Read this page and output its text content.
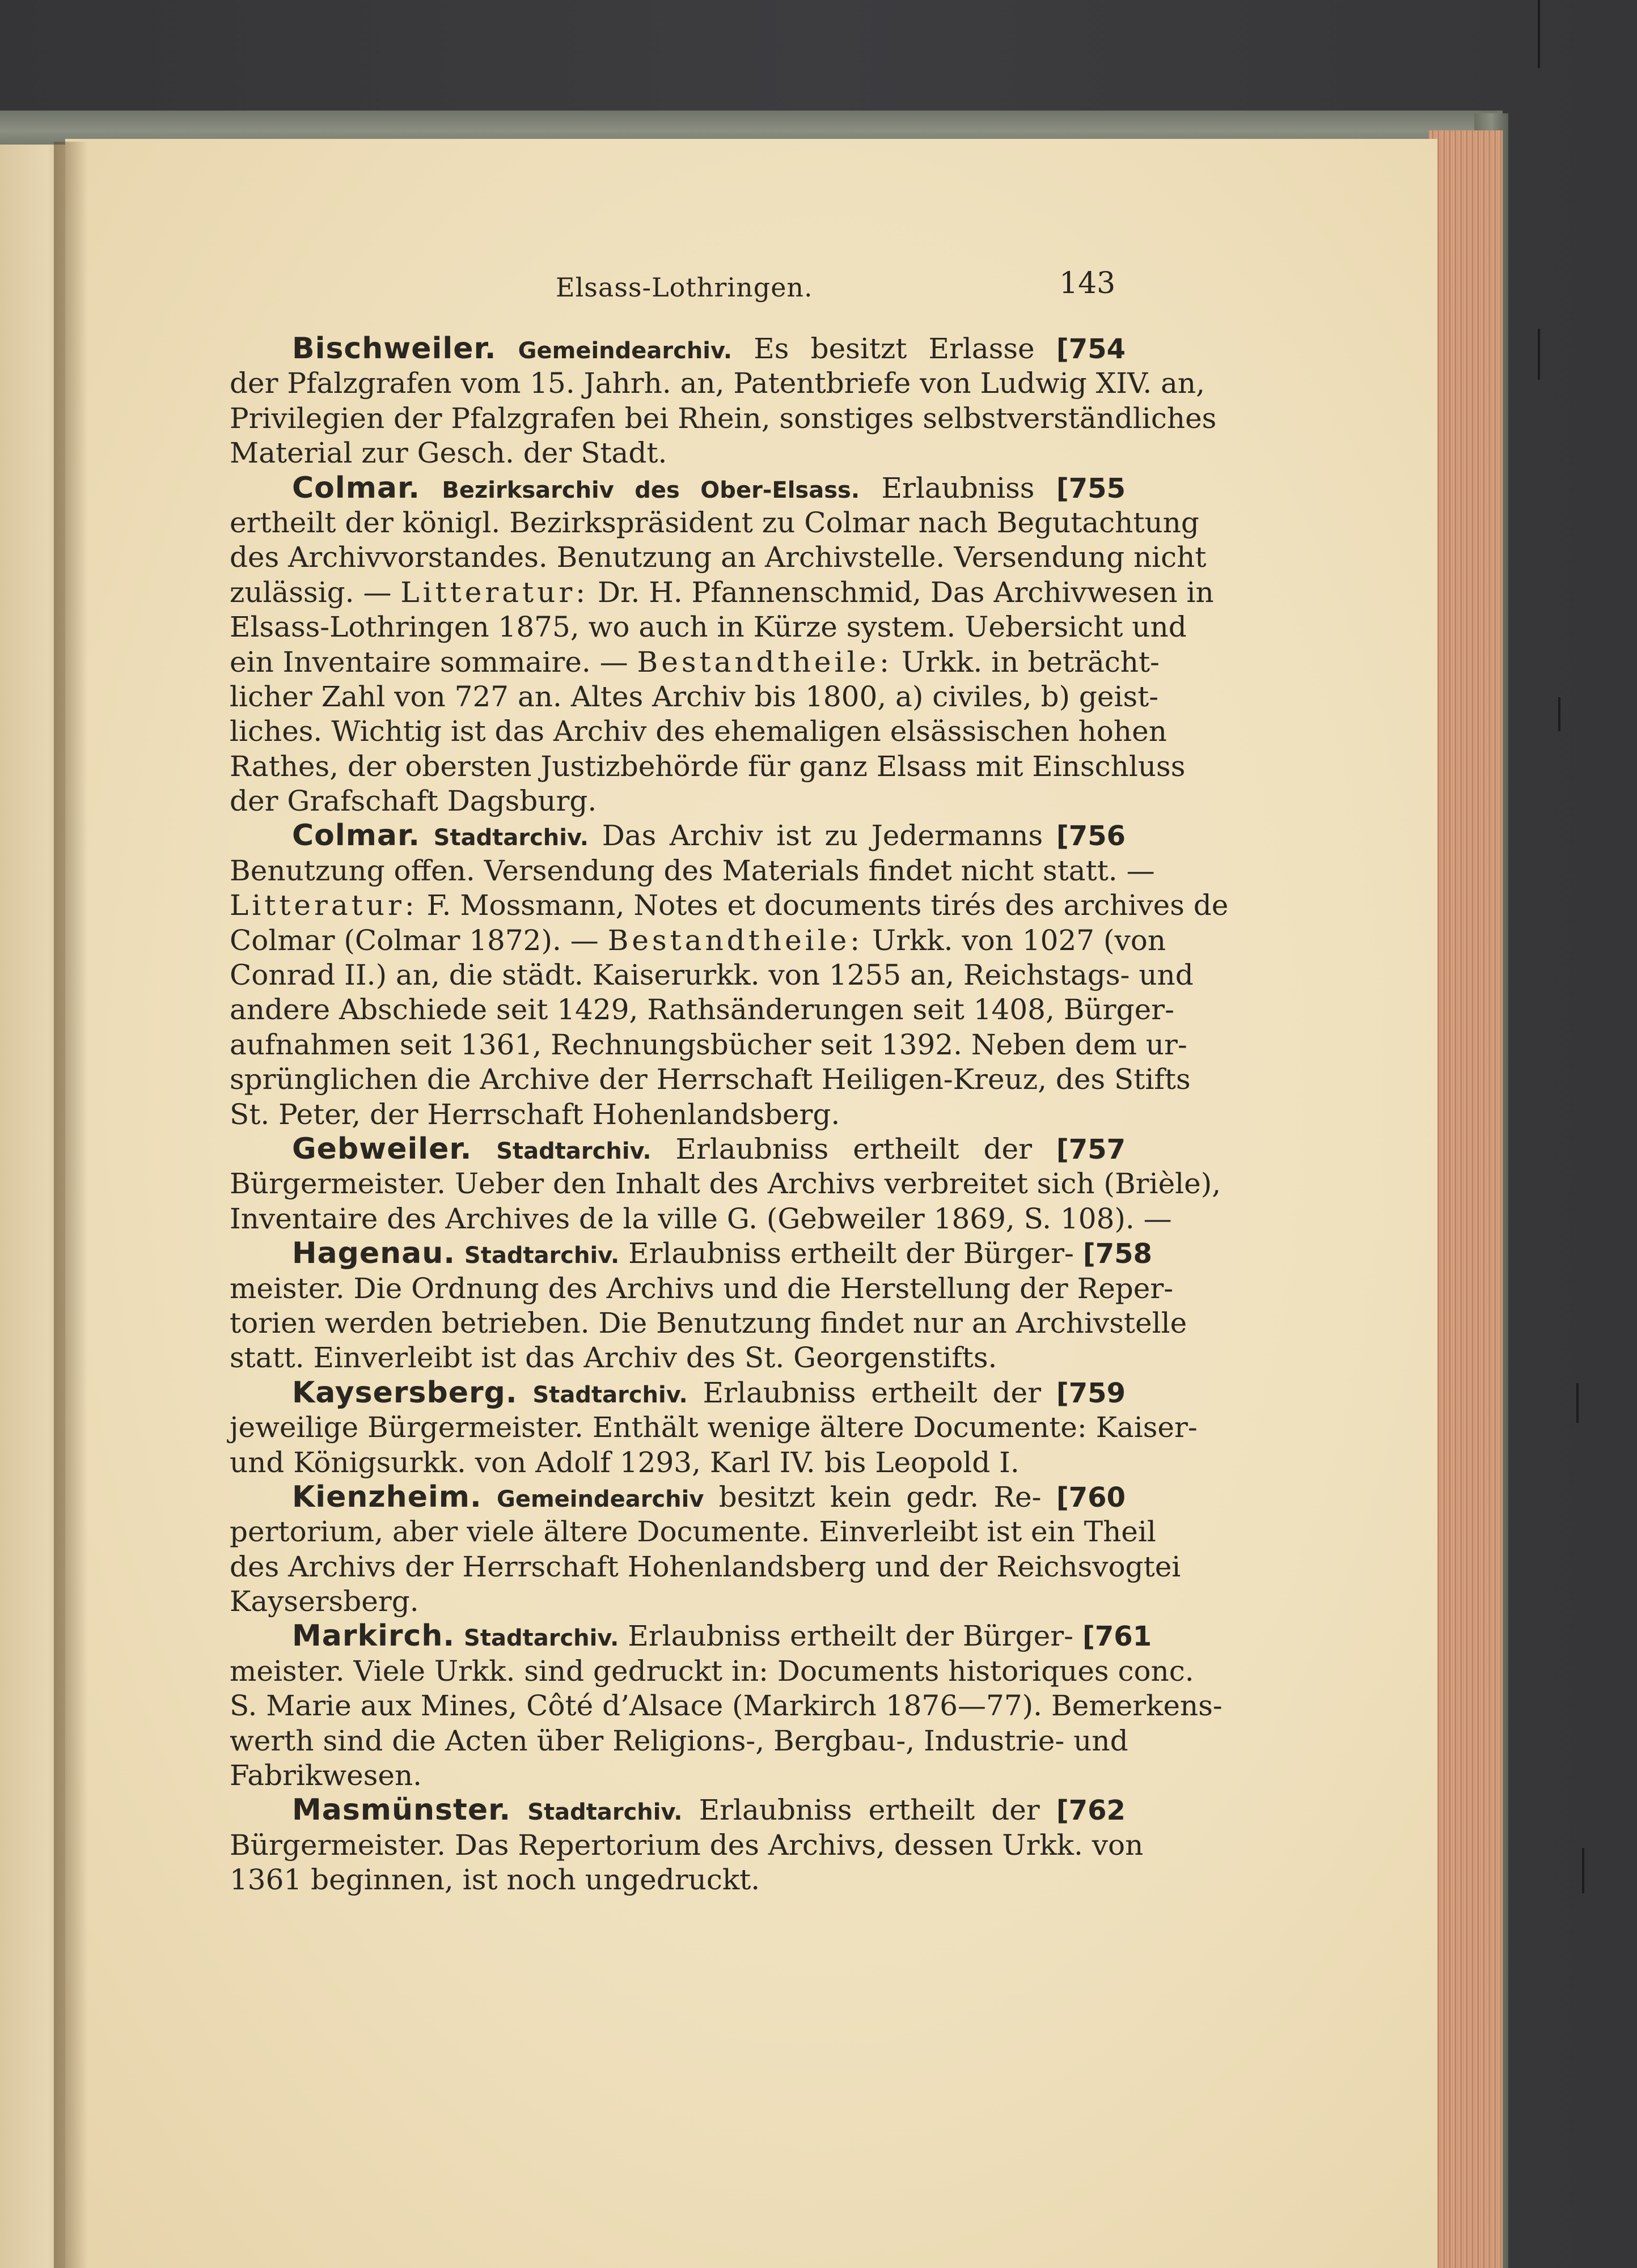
Elsass-Lothringen.	143
Bischweiler. Gemeindearchiv. Es besitzt Erlasse [754
der Pfalzgrafen vom 15. Jahrh. an, Patentbriefe von Ludwig XIV. an,
Privilegien der Pfalzgrafen bei Rhein, sonstiges selbstverständliches
Material zur Gesch. der Stadt.
Colmar. Bezirksarchiv des Ober-Elsass. Erlaubniss [755
ertheilt der königl. Bezirkspräsident zu Colmar nach Begutachtung
des Archivvorstandes. Benutzung an Archivstelle. Versendung nicht
zulässig. — Litteratur: Dr. H. Pfannenschmid, Das Archivwesen in
Elsass-Lothringen 1875, wo auch in Kürze system. Uebersicht und
ein Inventaire sommaire. — Bestandtheile: Urkk. in beträcht-
licher Zahl von 727 an. Altes Archiv bis 1800, a) civiles, b) geist-
liches. Wichtig ist das Archiv des ehemaligen elsässischen hohen
Rathes, der obersten Justizbehörde für ganz Elsass mit Einschluss
der Grafschaft Dagsburg.
Colmar. Stadtarchiv. Das Archiv ist zu Jedermanns [756
Benutzung offen. Versendung des Materials findet nicht statt. —
Litteratur: F. Mossmann, Notes et documents tirés des archives de
Colmar (Colmar 1872). — Bestandtheile: Urkk. von 1027 (von
Conrad II.) an, die städt. Kaiserurkk. von 1255 an, Reichstags- und
andere Abschiede seit 1429, Rathsänderungen seit 1408, Bürger-
aufnahmen seit 1361, Rechnungsbücher seit 1392. Neben dem ur-
sprünglichen die Archive der Herrschaft Heiligen-Kreuz, des Stifts
St. Peter, der Herrschaft Hohenlandsberg.
Gebweiler. Stadtarchiv. Erlaubniss ertheilt der [757
Bürgermeister. Ueber den Inhalt des Archivs verbreitet sich (Brièle),
Inventaire des Archives de la ville G. (Gebweiler 1869, S. 108). —
Hagenau. Stadtarchiv. Erlaubniss ertheilt der Bürger- [758
meister. Die Ordnung des Archivs und die Herstellung der Reper-
torien werden betrieben. Die Benutzung findet nur an Archivstelle
statt. Einverleibt ist das Archiv des St. Georgenstifts.
Kaysersberg. Stadtarchiv. Erlaubniss ertheilt der [759
jeweilige Bürgermeister. Enthält wenige ältere Documente: Kaiser-
und Königsurkk. von Adolf 1293, Karl IV. bis Leopold I.
Kienzheim. Gemeindearchiv besitzt kein gedr. Re- [760
pertorium, aber viele ältere Documente. Einverleibt ist ein Theil
des Archivs der Herrschaft Hohenlandsberg und der Reichsvogtei
Kaysersberg.
Markirch. Stadtarchiv. Erlaubniss ertheilt der Bürger- [761
meister. Viele Urkk. sind gedruckt in: Documents historiques conc.
S. Marie aux Mines, Côté d’Alsace (Markirch 1876—77). Bemerkens-
werth sind die Acten über Religions-, Bergbau-, Industrie- und
Fabrikwesen.
Masmünster. Stadtarchiv. Erlaubniss ertheilt der [762
Bürgermeister. Das Repertorium des Archivs, dessen Urkk. von
1361 beginnen, ist noch ungedruckt.
